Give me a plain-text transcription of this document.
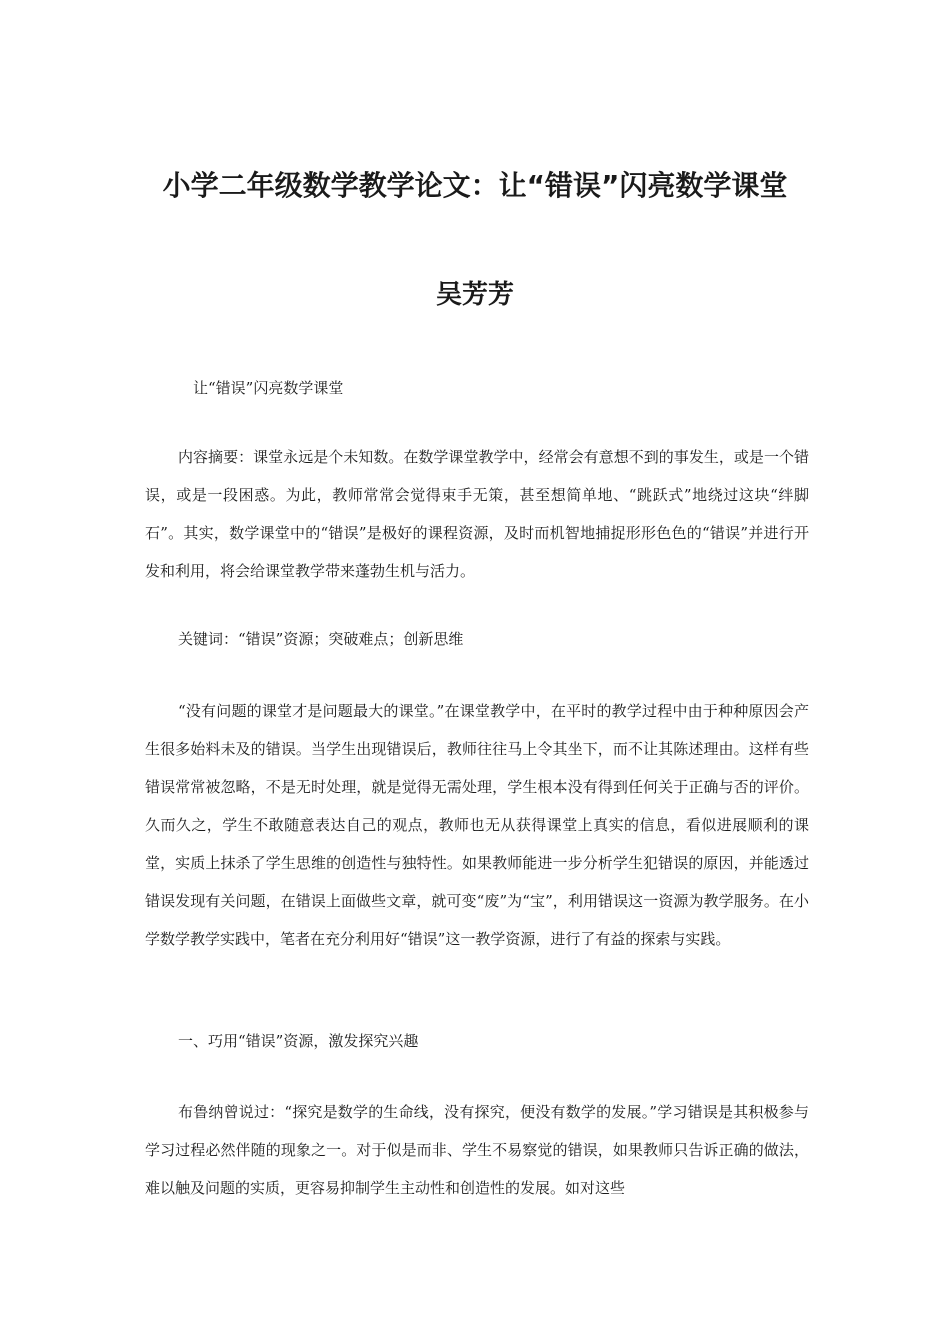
小学二年级数学教学论文：让“错误”闪亮数学课堂
吴芳芳

让“错误”闪亮数学课堂

内容摘要：课堂永远是个未知数。在数学课堂教学中，经常会有意想不到的事发生，或是一个错误，或是一段困惑。为此，教师常常会觉得束手无策，甚至想简单地、“跳跃式”地绕过这块“绊脚石”。其实，数学课堂中的“错误”是极好的课程资源，及时而机智地捕捉形形色色的“错误”并进行开发和利用，将会给课堂教学带来蓬勃生机与活力。

关键词：“错误”资源；突破难点；创新思维

“没有问题的课堂才是问题最大的课堂。”在课堂教学中，在平时的教学过程中由于种种原因会产生很多始料未及的错误。当学生出现错误后，教师往往马上令其坐下，而不让其陈述理由。这样有些错误常常被忽略，不是无时处理，就是觉得无需处理，学生根本没有得到任何关于正确与否的评价。久而久之，学生不敢随意表达自己的观点，教师也无从获得课堂上真实的信息，看似进展顺利的课堂，实质上抹杀了学生思维的创造性与独特性。如果教师能进一步分析学生犯错误的原因，并能透过错误发现有关问题，在错误上面做些文章，就可变“废”为“宝”，利用错误这一资源为教学服务。在小学数学教学实践中，笔者在充分利用好“错误”这一教学资源，进行了有益的探索与实践。

一、巧用“错误”资源，激发探究兴趣

布鲁纳曾说过：“探究是数学的生命线，没有探究，便没有数学的发展。”学习错误是其积极参与学习过程必然伴随的现象之一。对于似是而非、学生不易察觉的错误，如果教师只告诉正确的做法，难以触及问题的实质，更容易抑制学生主动性和创造性的发展。如对这些
